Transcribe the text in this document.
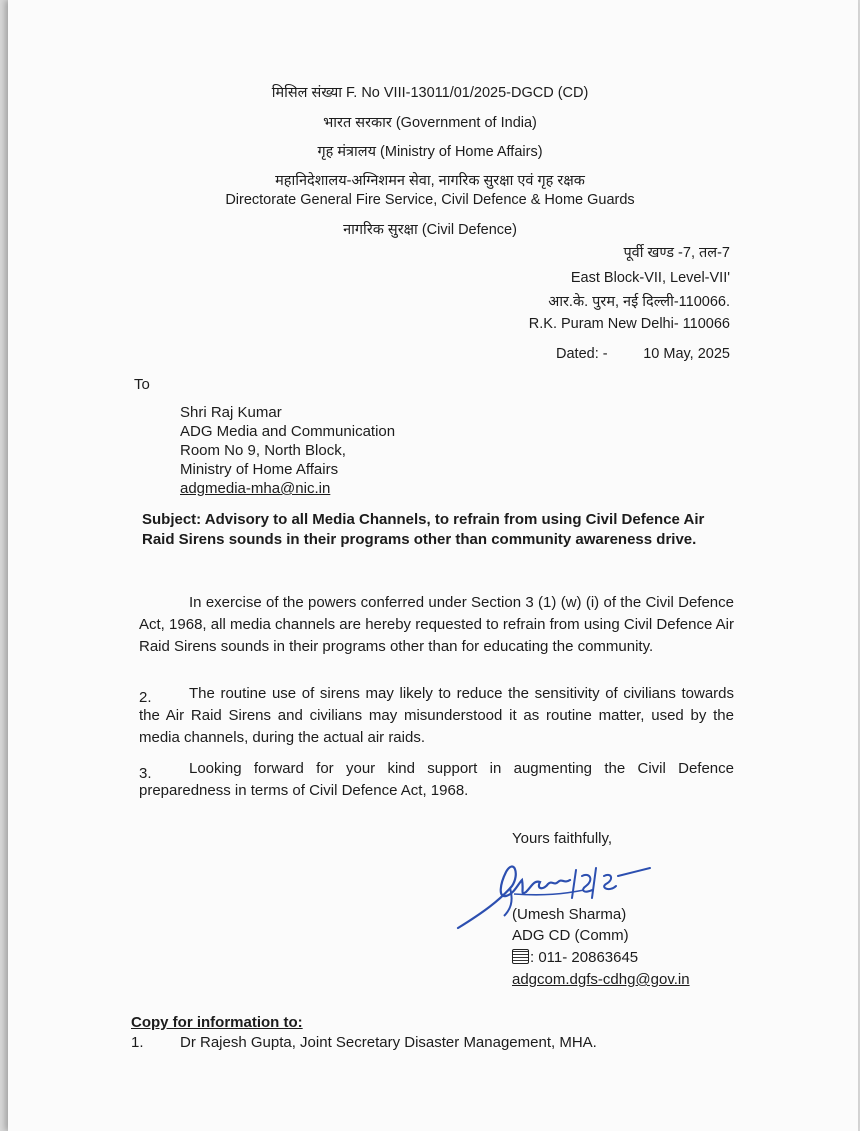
मिसिल संख्या F. No VIII-13011/01/2025-DGCD (CD)
भारत सरकार (Government of India)
गृह मंत्रालय (Ministry of Home Affairs)
महानिदेशालय-अग्निशमन सेवा, नागरिक सुरक्षा एवं गृह रक्षक
Directorate General Fire Service, Civil Defence & Home Guards
नागरिक सुरक्षा (Civil Defence)
पूर्वी खण्ड -7, तल-7
East Block-VII, Level-VII'
आर.के. पुरम, नई दिल्ली-110066.
R.K. Puram New Delhi- 110066
Dated: - 10 May, 2025
To
Shri Raj Kumar
ADG Media and Communication
Room No 9, North Block,
Ministry of Home Affairs
adgmedia-mha@nic.in
Subject: Advisory to all Media Channels, to refrain from using Civil Defence Air Raid Sirens sounds in their programs other than community awareness drive.
In exercise of the powers conferred under Section 3 (1) (w) (i) of the Civil Defence Act, 1968, all media channels are hereby requested to refrain from using Civil Defence Air Raid Sirens sounds in their programs other than for educating the community.
2.	The routine use of sirens may likely to reduce the sensitivity of civilians towards the Air Raid Sirens and civilians may misunderstood it as routine matter, used by the media channels, during the actual air raids.
3.	Looking forward for your kind support in augmenting the Civil Defence preparedness in terms of Civil Defence Act, 1968.
Yours faithfully,
(Umesh Sharma)
ADG CD (Comm)
: 011- 20863645
adgcom.dgfs-cdhg@gov.in
Copy for information to:
1. Dr Rajesh Gupta, Joint Secretary Disaster Management, MHA.
